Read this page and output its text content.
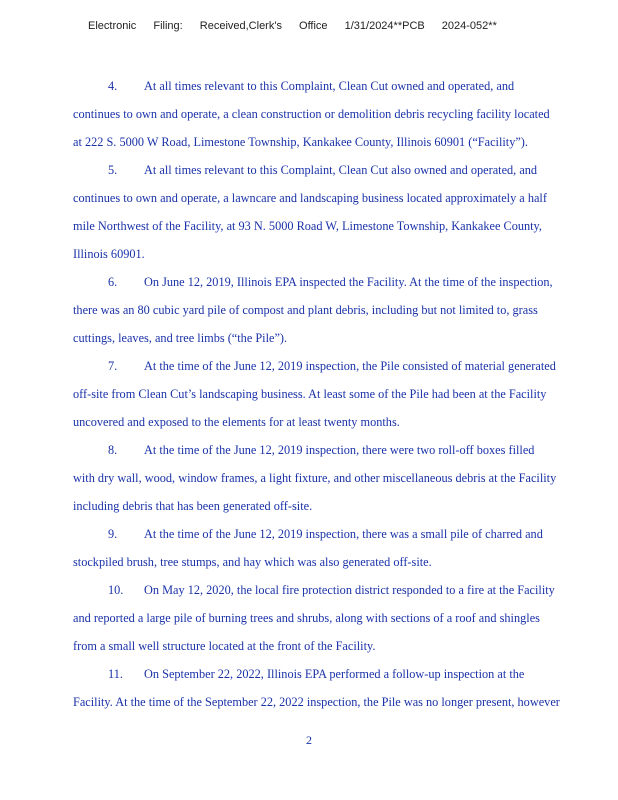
Electronic Filing: Received,Clerk's Office 1/31/2024**PCB 2024-052**
4. At all times relevant to this Complaint, Clean Cut owned and operated, and
continues to own and operate, a clean construction or demolition debris recycling facility located
at 222 S. 5000 W Road, Limestone Township, Kankakee County, Illinois 60901 (“Facility”).
5. At all times relevant to this Complaint, Clean Cut also owned and operated, and
continues to own and operate, a lawncare and landscaping business located approximately a half
mile Northwest of the Facility, at 93 N. 5000 Road W, Limestone Township, Kankakee County,
Illinois 60901.
6. On June 12, 2019, Illinois EPA inspected the Facility. At the time of the inspection,
there was an 80 cubic yard pile of compost and plant debris, including but not limited to, grass
cuttings, leaves, and tree limbs (“the Pile”).
7. At the time of the June 12, 2019 inspection, the Pile consisted of material generated
off-site from Clean Cut’s landscaping business. At least some of the Pile had been at the Facility
uncovered and exposed to the elements for at least twenty months.
8. At the time of the June 12, 2019 inspection, there were two roll-off boxes filled
with dry wall, wood, window frames, a light fixture, and other miscellaneous debris at the Facility
including debris that has been generated off-site.
9. At the time of the June 12, 2019 inspection, there was a small pile of charred and
stockpiled brush, tree stumps, and hay which was also generated off-site.
10. On May 12, 2020, the local fire protection district responded to a fire at the Facility
and reported a large pile of burning trees and shrubs, along with sections of a roof and shingles
from a small well structure located at the front of the Facility.
11. On September 22, 2022, Illinois EPA performed a follow-up inspection at the
Facility. At the time of the September 22, 2022 inspection, the Pile was no longer present, however
2
